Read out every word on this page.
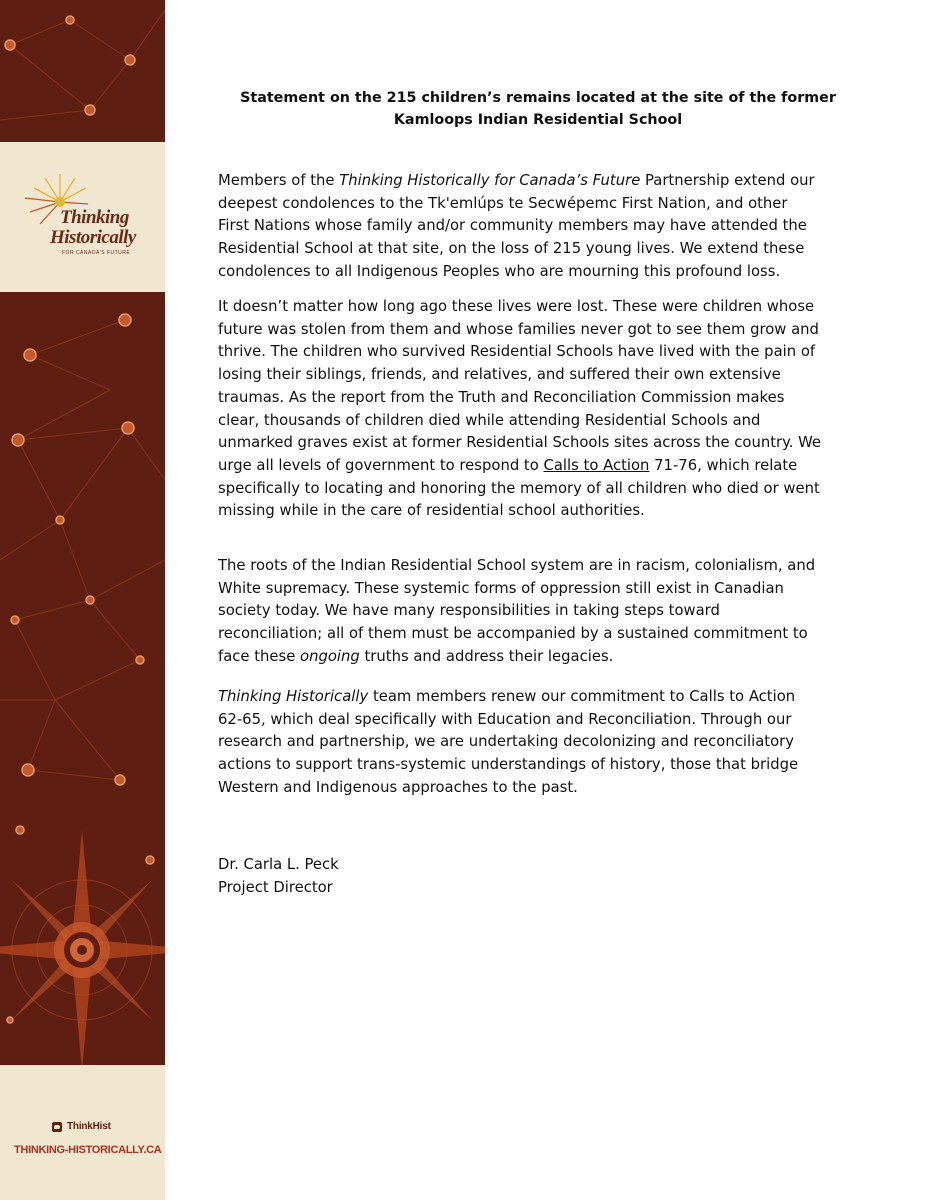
Thinking
Historically
FOR CANADA'S FUTURE
ThinkHist
THINKING-HISTORICALLY.CA
Statement on the 215 children’s remains located at the site of the former
Kamloops Indian Residential School

Members of the Thinking Historically for Canada’s Future Partnership extend our
deepest condolences to the Tk'emlúps te Secwépemc First Nation, and other
First Nations whose family and/or community members may have attended the
Residential School at that site, on the loss of 215 young lives. We extend these
condolences to all Indigenous Peoples who are mourning this profound loss.

It doesn’t matter how long ago these lives were lost. These were children whose
future was stolen from them and whose families never got to see them grow and
thrive. The children who survived Residential Schools have lived with the pain of
losing their siblings, friends, and relatives, and suffered their own extensive
traumas. As the report from the Truth and Reconciliation Commission makes
clear, thousands of children died while attending Residential Schools and
unmarked graves exist at former Residential Schools sites across the country. We
urge all levels of government to respond to Calls to Action 71-76, which relate
specifically to locating and honoring the memory of all children who died or went
missing while in the care of residential school authorities.

The roots of the Indian Residential School system are in racism, colonialism, and
White supremacy. These systemic forms of oppression still exist in Canadian
society today. We have many responsibilities in taking steps toward
reconciliation; all of them must be accompanied by a sustained commitment to
face these ongoing truths and address their legacies.

Thinking Historically team members renew our commitment to Calls to Action
62-65, which deal specifically with Education and Reconciliation. Through our
research and partnership, we are undertaking decolonizing and reconciliatory
actions to support trans-systemic understandings of history, those that bridge
Western and Indigenous approaches to the past.

Dr. Carla L. Peck
Project Director
